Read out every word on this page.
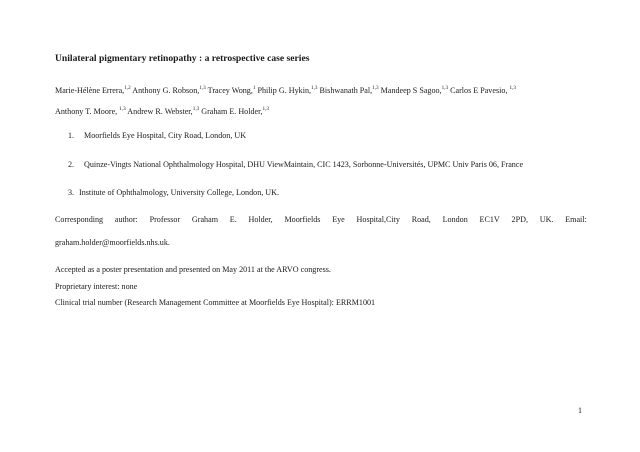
Unilateral pigmentary retinopathy : a retrospective case series
Marie-Hélène Errera,$^{1,2}$ Anthony G. Robson,$^{1,3}$ Tracey Wong,$^1$ Philip G. Hykin,$^{1,3}$ Bishwanath Pal,$^{1,3}$ Mandeep S Sagoo,$^{1,3}$ Carlos E Pavesio, $^{1,3}$
Anthony T. Moore, $^{1,3}$ Andrew R. Webster,$^{1,3}$ Graham E. Holder,$^{1,3}$
1. Moorfields Eye Hospital, City Road, London, UK
2. Quinze-Vingts National Ophthalmology Hospital, DHU ViewMaintain, CIC 1423, Sorbonne-Universités, UPMC Univ Paris 06, France
3. Institute of Ophthalmology, University College, London, UK.
Corresponding author: Professor Graham E. Holder, Moorfields Eye Hospital,City Road, London EC1V 2PD, UK. Email:
graham.holder@moorfields.nhs.uk.
Accepted as a poster presentation and presented on May 2011 at the ARVO congress.
Proprietary interest: none
Clinical trial number (Research Management Committee at Moorfields Eye Hospital): ERRM1001
1
